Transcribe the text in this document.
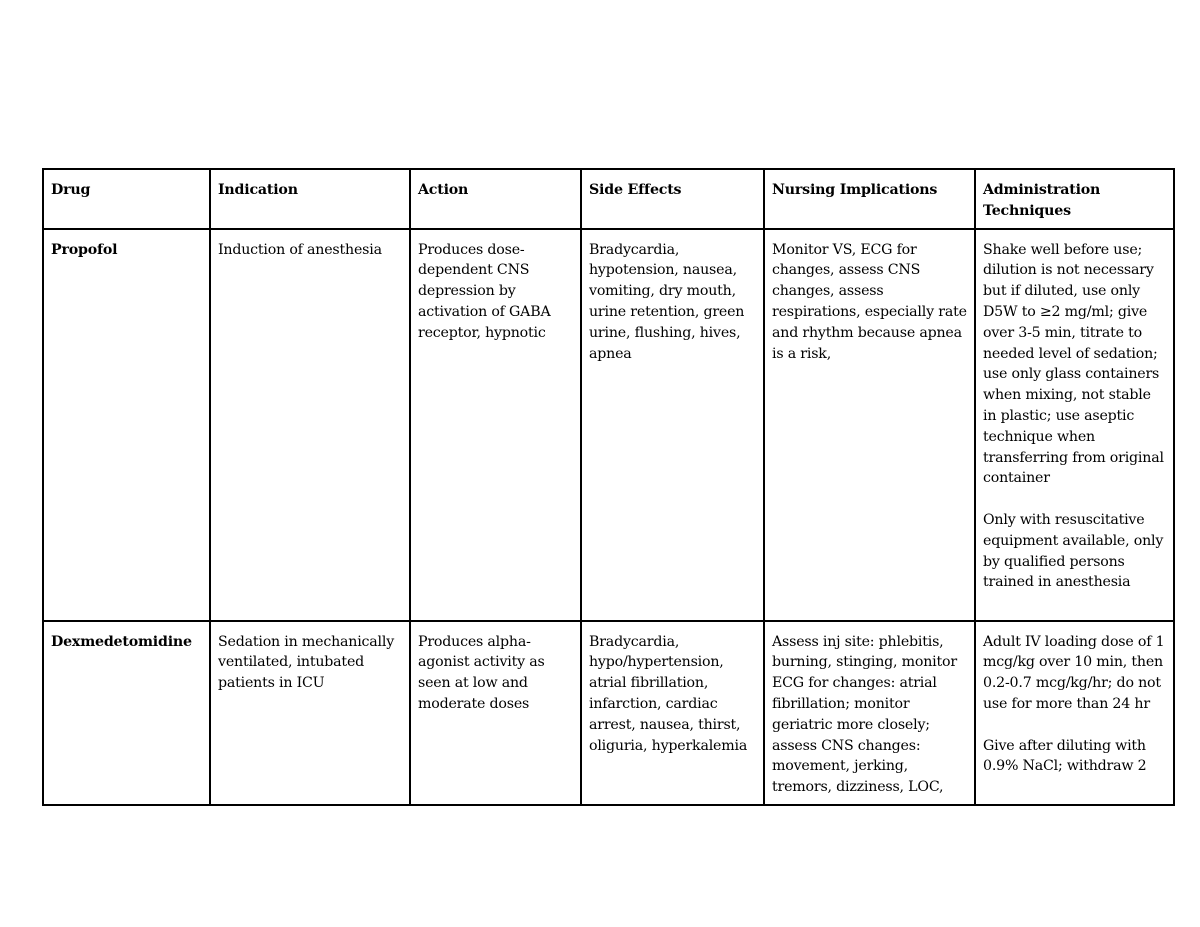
Drug	Indication	Action	Side Effects	Nursing Implications	Administration Techniques
Propofol	Induction of anesthesia	Produces dose-dependent CNS depression by activation of GABA receptor, hypnotic	Bradycardia, hypotension, nausea, vomiting, dry mouth, urine retention, green urine, flushing, hives, apnea	Monitor VS, ECG for changes, assess CNS changes, assess respirations, especially rate and rhythm because apnea is a risk,	Shake well before use; dilution is not necessary but if diluted, use only D5W to ≥2 mg/ml; give over 3-5 min, titrate to needed level of sedation; use only glass containers when mixing, not stable in plastic; use aseptic technique when transferring from original container
Only with resuscitative equipment available, only by qualified persons trained in anesthesia

Dexmedetomidine	Sedation in mechanically ventilated, intubated patients in ICU	Produces alpha-agonist activity as seen at low and moderate doses	Bradycardia, hypo/hypertension, atrial fibrillation, infarction, cardiac arrest, nausea, thirst, oliguria, hyperkalemia	Assess inj site: phlebitis, burning, stinging, monitor ECG for changes: atrial fibrillation; monitor geriatric more closely; assess CNS changes: movement, jerking, tremors, dizziness, LOC,	Adult IV loading dose of 1 mcg/kg over 10 min, then 0.2-0.7 mcg/kg/hr; do not use for more than 24 hr
Give after diluting with 0.9% NaCl; withdraw 2
